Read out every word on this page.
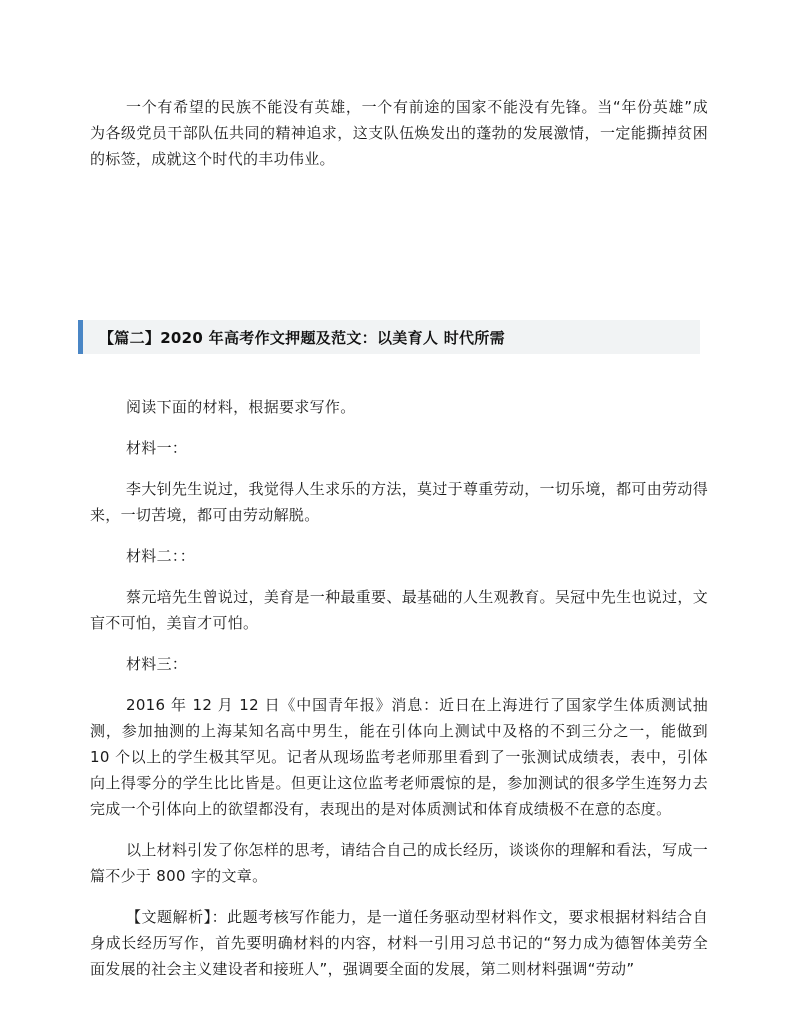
一个有希望的民族不能没有英雄，一个有前途的国家不能没有先锋。当“年份英雄”成为各级党员干部队伍共同的精神追求，这支队伍焕发出的蓬勃的发展激情，一定能撕掉贫困的标签，成就这个时代的丰功伟业。

【篇二】2020 年高考作文押题及范文：以美育人 时代所需

阅读下面的材料，根据要求写作。

材料一：

李大钊先生说过，我觉得人生求乐的方法，莫过于尊重劳动，一切乐境，都可由劳动得来，一切苦境，都可由劳动解脱。

材料二：：

蔡元培先生曾说过，美育是一种最重要、最基础的人生观教育。吴冠中先生也说过，文盲不可怕，美盲才可怕。

材料三：

2016 年 12 月 12 日《中国青年报》消息：近日在上海进行了国家学生体质测试抽测，参加抽测的上海某知名高中男生，能在引体向上测试中及格的不到三分之一，能做到 10 个以上的学生极其罕见。记者从现场监考老师那里看到了一张测试成绩表，表中，引体向上得零分的学生比比皆是。但更让这位监考老师震惊的是，参加测试的很多学生连努力去完成一个引体向上的欲望都没有，表现出的是对体质测试和体育成绩极不在意的态度。

以上材料引发了你怎样的思考，请结合自己的成长经历，谈谈你的理解和看法，写成一篇不少于 800 字的文章。

【文题解析】：此题考核写作能力，是一道任务驱动型材料作文，要求根据材料结合自身成长经历写作，首先要明确材料的内容，材料一引用习总书记的“努力成为德智体美劳全面发展的社会主义建设者和接班人”，强调要全面的发展，第二则材料强调“劳动”
